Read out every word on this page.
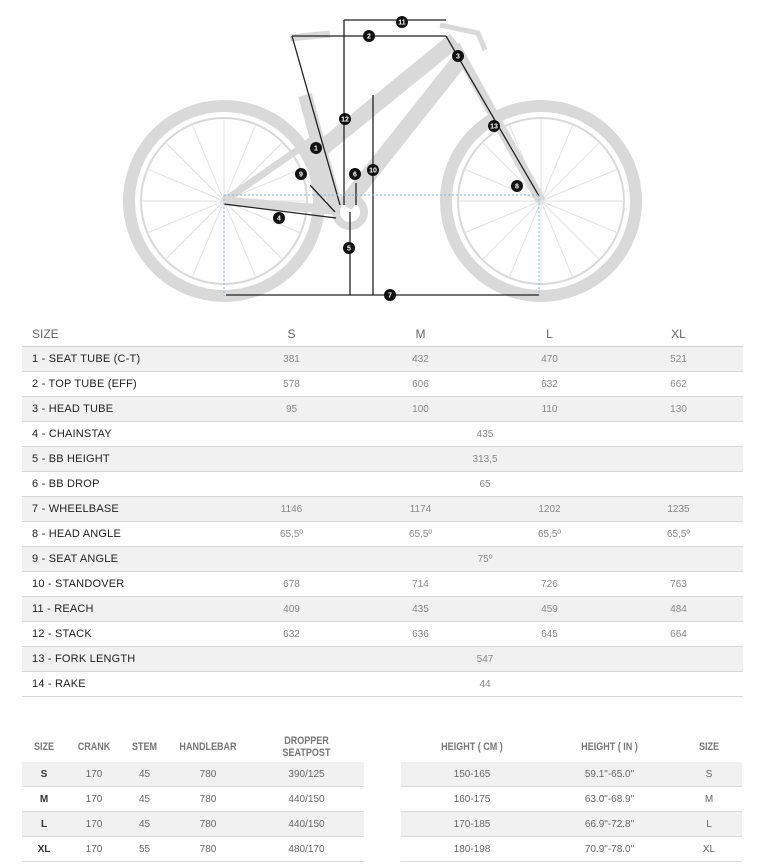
11
2
3
12
13
1
10
9	6
8
4
5
7
SIZE	S	M	L	XL
1 - SEAT TUBE (C-T)	381	432	470	521
2 - TOP TUBE (EFF)	578	606	632	662
3 - HEAD TUBE	95	100	110	130
4 - CHAINSTAY	435			
5 - BB HEIGHT	313,5			
6 - BB DROP	65			
7 - WHEELBASE	1146	1174	1202	1235
8 - HEAD ANGLE	65,5º	65,5º	65,5º	65,5º
9 - SEAT ANGLE	75º			
10 - STANDOVER	678	714	726	763
11 - REACH	409	435	459	484
12 - STACK	632	636	645	664
13 - FORK LENGTH	547			
14 - RAKE	44			
SIZE	CRANK	STEM	HANDLEBAR	DROPPER SEATPOST
S	170	45	780	390/125
M	170	45	780	440/150
L	170	45	780	440/150
XL	170	55	780	480/170
HEIGHT ( CM )	HEIGHT ( IN )	SIZE
150-165	59.1"-65.0"	S
160-175	63.0"-68.9"	M
170-185	66.9"-72.8"	L
180-198	70.9"-78.0"	XL
